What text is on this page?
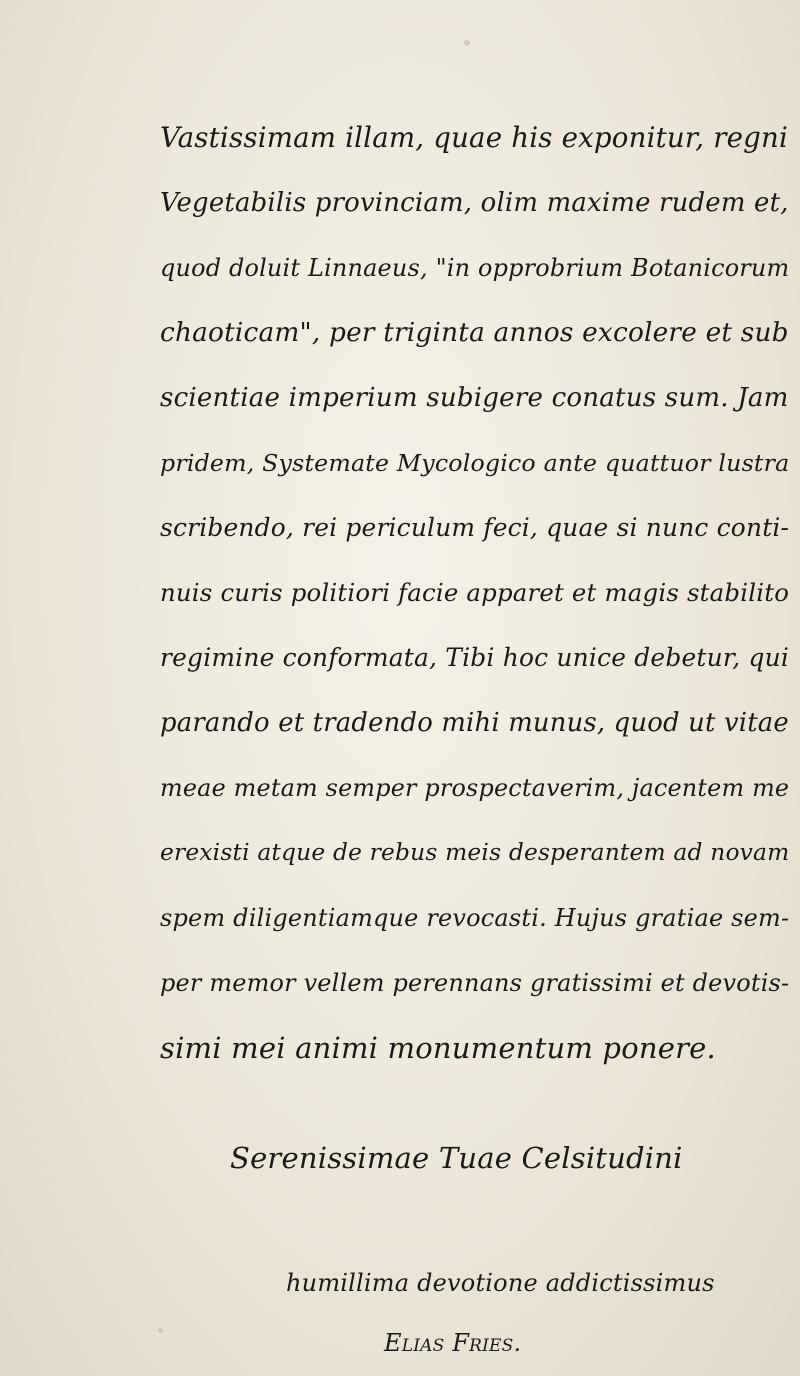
Vastissimam illam, quae his exponitur, regni
Vegetabilis provinciam, olim maxime rudem et,
quod doluit Linnaeus, "in opprobrium Botanicorum
chaoticam", per triginta annos excolere et sub
scientiae imperium subigere conatus sum. Jam
pridem, Systemate Mycologico ante quattuor lustra
scribendo, rei periculum feci, quae si nunc conti-
nuis curis politiori facie apparet et magis stabilito
regimine conformata, Tibi hoc unice debetur, qui
parando et tradendo mihi munus, quod ut vitae
meae metam semper prospectaverim, jacentem me
erexisti atque de rebus meis desperantem ad novam
spem diligentiamque revocasti. Hujus gratiae sem-
per memor vellem perennans gratissimi et devotis-
simi mei animi monumentum ponere.
Serenissimae Tuae Celsitudini
humillima devotione addictissimus
Elias Fries.
